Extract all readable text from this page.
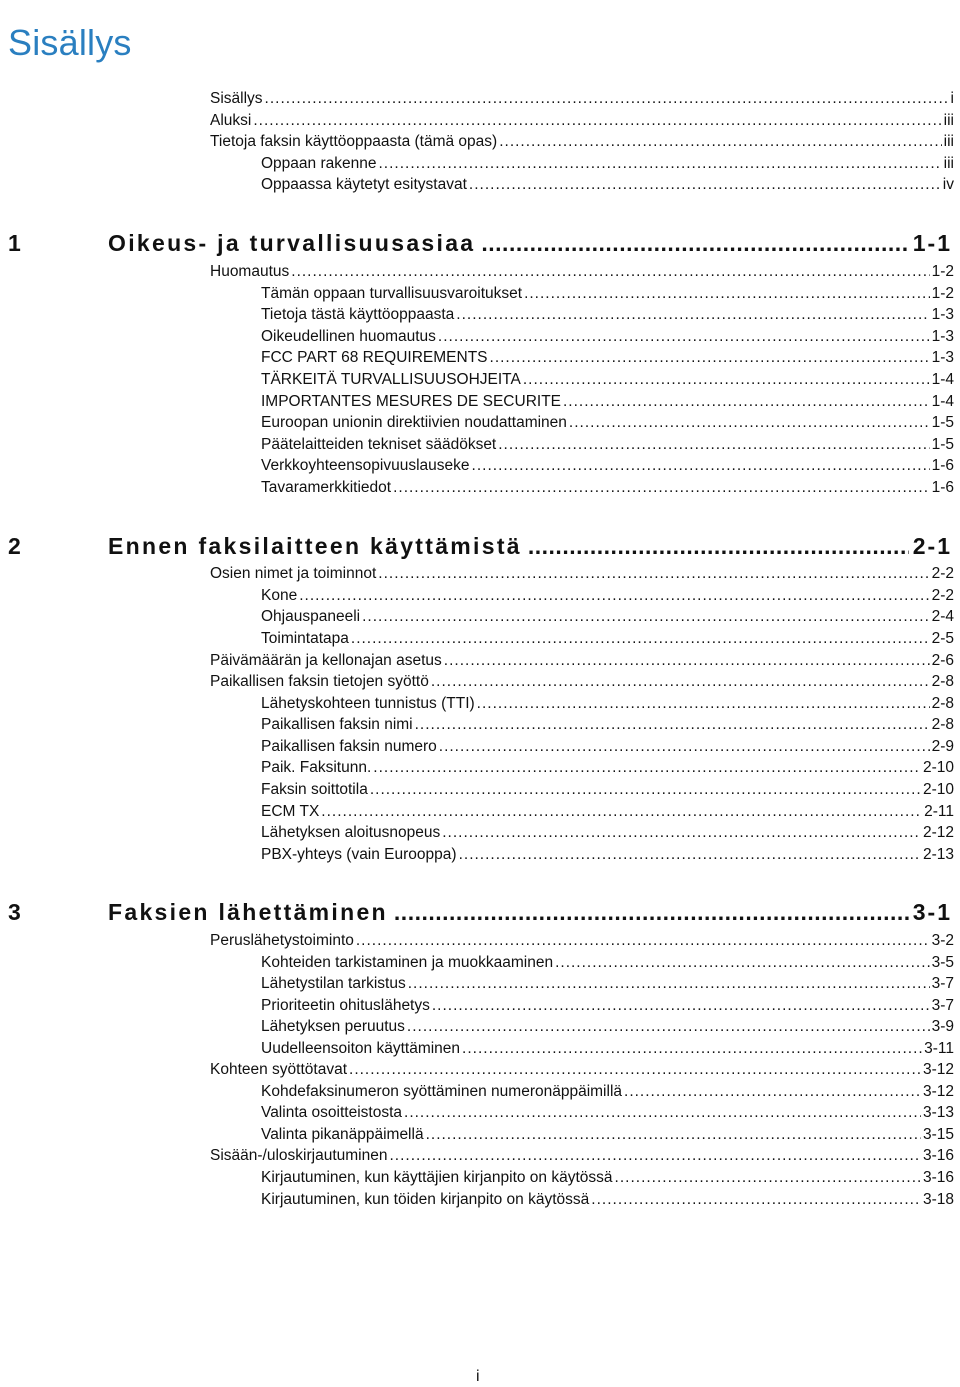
Sisällys
Sisällys .....	i
Aluksi .....	iii
Tietoja faksin käyttöoppaasta (tämä opas) .....	iii
Oppaan rakenne .....	iii
Oppaassa käytetyt esitystavat .....	iv
1	Oikeus- ja turvallisuusasiaa .....	1-1
Huomautus .....	1-2
Tämän oppaan turvallisuusvaroitukset .....	1-2
Tietoja tästä käyttöoppaasta .....	1-3
Oikeudellinen huomautus .....	1-3
FCC PART 68 REQUIREMENTS .....	1-3
TÄRKEITÄ TURVALLISUUSOHJEITA .....	1-4
IMPORTANTES MESURES DE SECURITE .....	1-4
Euroopan unionin direktiivien noudattaminen .....	1-5
Päätelaitteiden tekniset säädökset .....	1-5
Verkkoyhteensopivuuslauseke .....	1-6
Tavaramerkkitiedot .....	1-6
2	Ennen faksilaitteen käyttämistä .....	2-1
Osien nimet ja toiminnot .....	2-2
Kone .....	2-2
Ohjauspaneeli .....	2-4
Toimintatapa .....	2-5
Päivämäärän ja kellonajan asetus .....	2-6
Paikallisen faksin tietojen syöttö .....	2-8
Lähetyskohteen tunnistus (TTI) .....	2-8
Paikallisen faksin nimi .....	2-8
Paikallisen faksin numero .....	2-9
Paik. Faksitunn. .....	2-10
Faksin soittotila .....	2-10
ECM TX .....	2-11
Lähetyksen aloitusnopeus .....	2-12
PBX-yhteys (vain Eurooppa) .....	2-13
3	Faksien lähettäminen .....	3-1
Peruslähetystoiminto .....	3-2
Kohteiden tarkistaminen ja muokkaaminen .....	3-5
Lähetystilan tarkistus .....	3-7
Prioriteetin ohituslähetys .....	3-7
Lähetyksen peruutus .....	3-9
Uudelleensoiton käyttäminen .....	3-11
Kohteen syöttötavat .....	3-12
Kohdefaksinumeron syöttäminen numeronäppäimillä .....	3-12
Valinta osoitteistosta .....	3-13
Valinta pikanäppäimellä .....	3-15
Sisään-/uloskirjautuminen .....	3-16
Kirjautuminen, kun käyttäjien kirjanpito on käytössä .....	3-16
Kirjautuminen, kun töiden kirjanpito on käytössä .....	3-18
i
